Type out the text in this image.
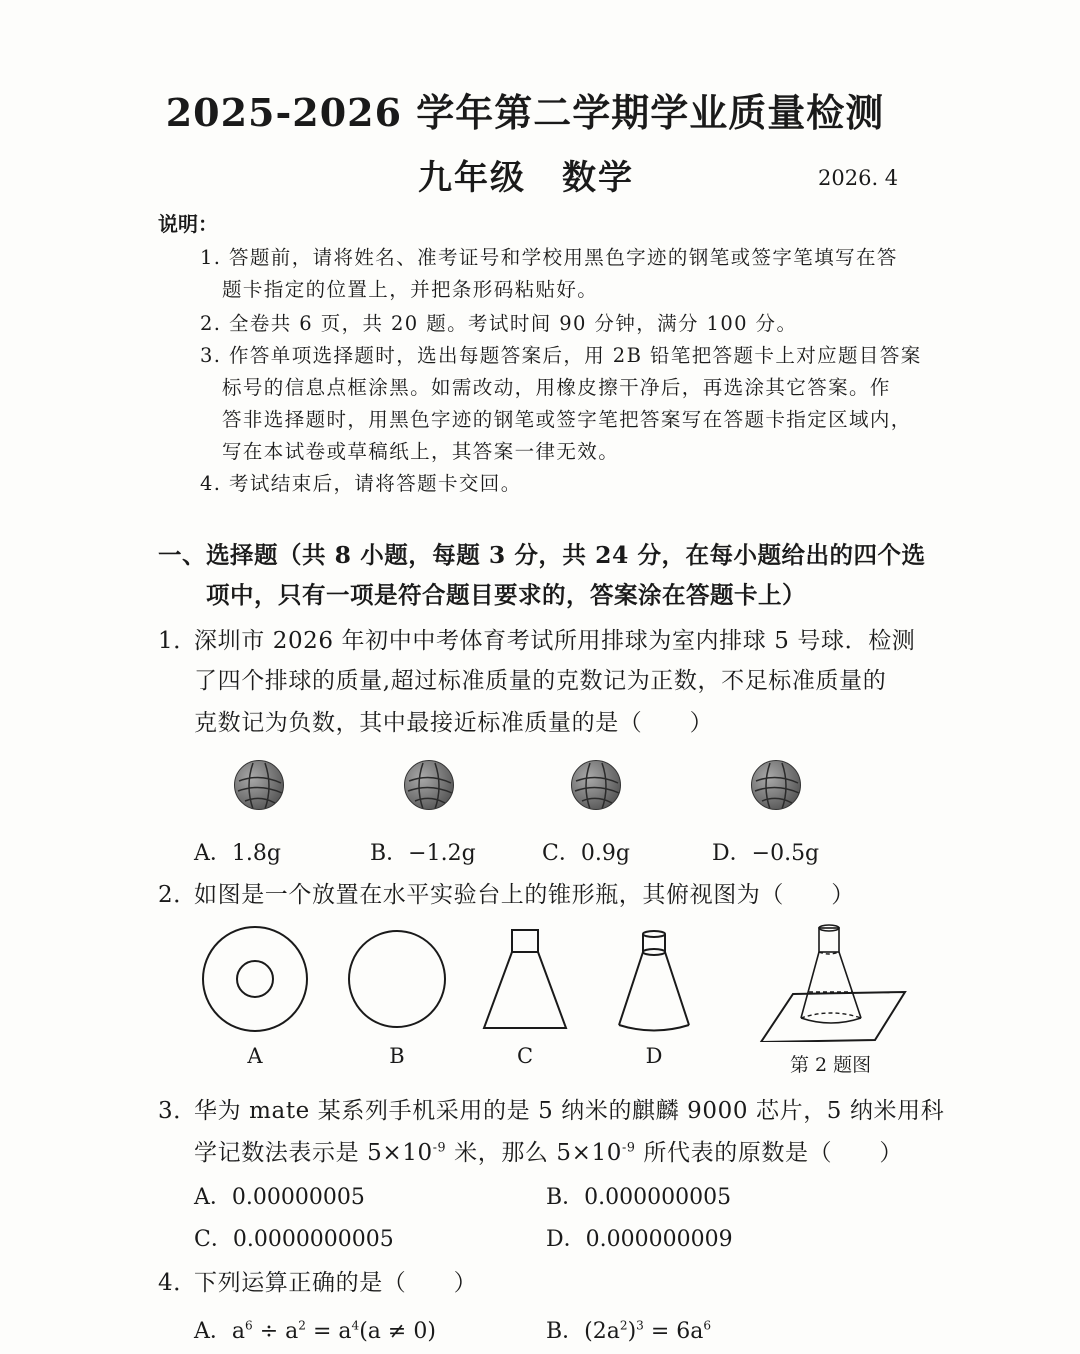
2025-2026 学年第二学期学业质量检测
九年级　数学	2026. 4
说明：
1. 答题前，请将姓名、准考证号和学校用黑色字迹的钢笔或签字笔填写在答
题卡指定的位置上，并把条形码粘贴好。
2. 全卷共 6 页，共 20 题。考试时间 90 分钟，满分 100 分。
3. 作答单项选择题时，选出每题答案后，用 2B 铅笔把答题卡上对应题目答案
标号的信息点框涂黑。如需改动，用橡皮擦干净后，再选涂其它答案。作
答非选择题时，用黑色字迹的钢笔或签字笔把答案写在答题卡指定区域内，
写在本试卷或草稿纸上，其答案一律无效。
4. 考试结束后，请将答题卡交回。
一、选择题（共 8 小题，每题 3 分，共 24 分，在每小题给出的四个选
项中，只有一项是符合题目要求的，答案涂在答题卡上）
1．
深圳市 2026 年初中中考体育考试所用排球为室内排球 5 号球．检测
了四个排球的质量,超过标准质量的克数记为正数，不足标准质量的
克数记为负数，其中最接近标准质量的是（　　）
A．1.8g	B．−1.2g	C．0.9g	D．−0.5g
2．
如图是一个放置在水平实验台上的锥形瓶，其俯视图为（　　）
A	B	C	D	第 2 题图
3．
华为 mate 某系列手机采用的是 5 纳米的麒麟 9000 芯片，5 纳米用科
学记数法表示是 $5\times 10^{-9}$ 米，那么 $5\times 10^{-9}$ 所代表的原数是（　　）
A．0.00000005	B．0.000000005
C．0.0000000005	D．0.000000009
4．
下列运算正确的是（　　）
A．$a^6 \div a^2 = a^4(a \ne 0)$	B．$(2a^2)^3 = 6a^6$
